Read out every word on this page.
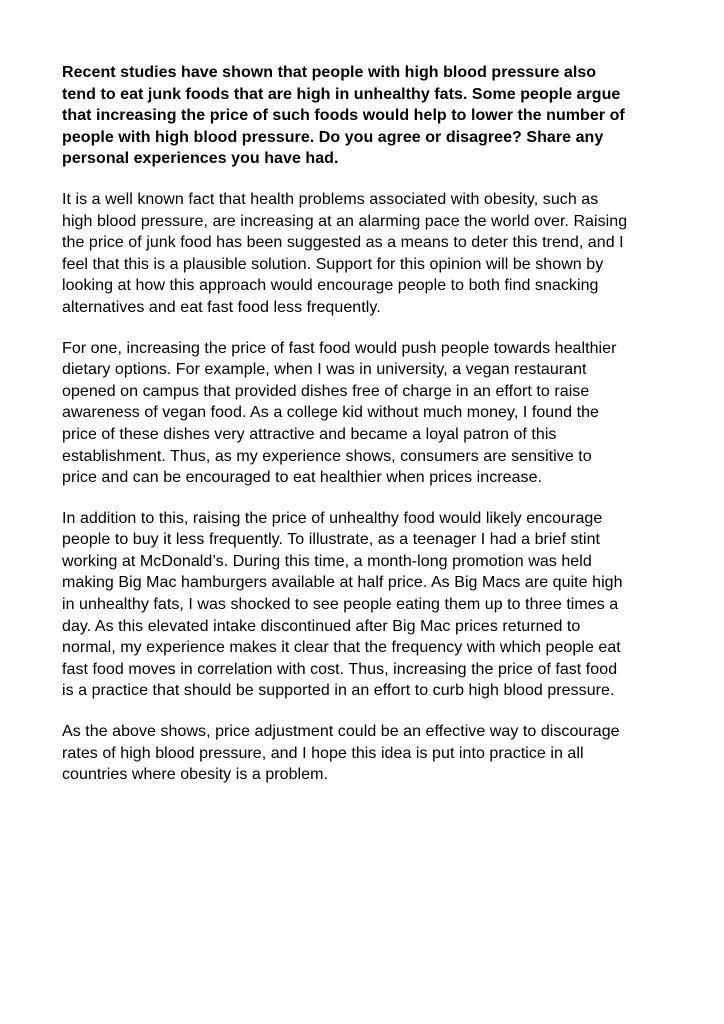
Recent studies have shown that people with high blood pressure also
tend to eat junk foods that are high in unhealthy fats. Some people argue
that increasing the price of such foods would help to lower the number of
people with high blood pressure. Do you agree or disagree? Share any
personal experiences you have had.

It is a well known fact that health problems associated with obesity, such as
high blood pressure, are increasing at an alarming pace the world over. Raising
the price of junk food has been suggested as a means to deter this trend, and I
feel that this is a plausible solution. Support for this opinion will be shown by
looking at how this approach would encourage people to both find snacking
alternatives and eat fast food less frequently.

For one, increasing the price of fast food would push people towards healthier
dietary options. For example, when I was in university, a vegan restaurant
opened on campus that provided dishes free of charge in an effort to raise
awareness of vegan food. As a college kid without much money, I found the
price of these dishes very attractive and became a loyal patron of this
establishment. Thus, as my experience shows, consumers are sensitive to
price and can be encouraged to eat healthier when prices increase.

In addition to this, raising the price of unhealthy food would likely encourage
people to buy it less frequently. To illustrate, as a teenager I had a brief stint
working at McDonald’s. During this time, a month-long promotion was held
making Big Mac hamburgers available at half price. As Big Macs are quite high
in unhealthy fats, I was shocked to see people eating them up to three times a
day. As this elevated intake discontinued after Big Mac prices returned to
normal, my experience makes it clear that the frequency with which people eat
fast food moves in correlation with cost. Thus, increasing the price of fast food
is a practice that should be supported in an effort to curb high blood pressure.

As the above shows, price adjustment could be an effective way to discourage
rates of high blood pressure, and I hope this idea is put into practice in all
countries where obesity is a problem.
